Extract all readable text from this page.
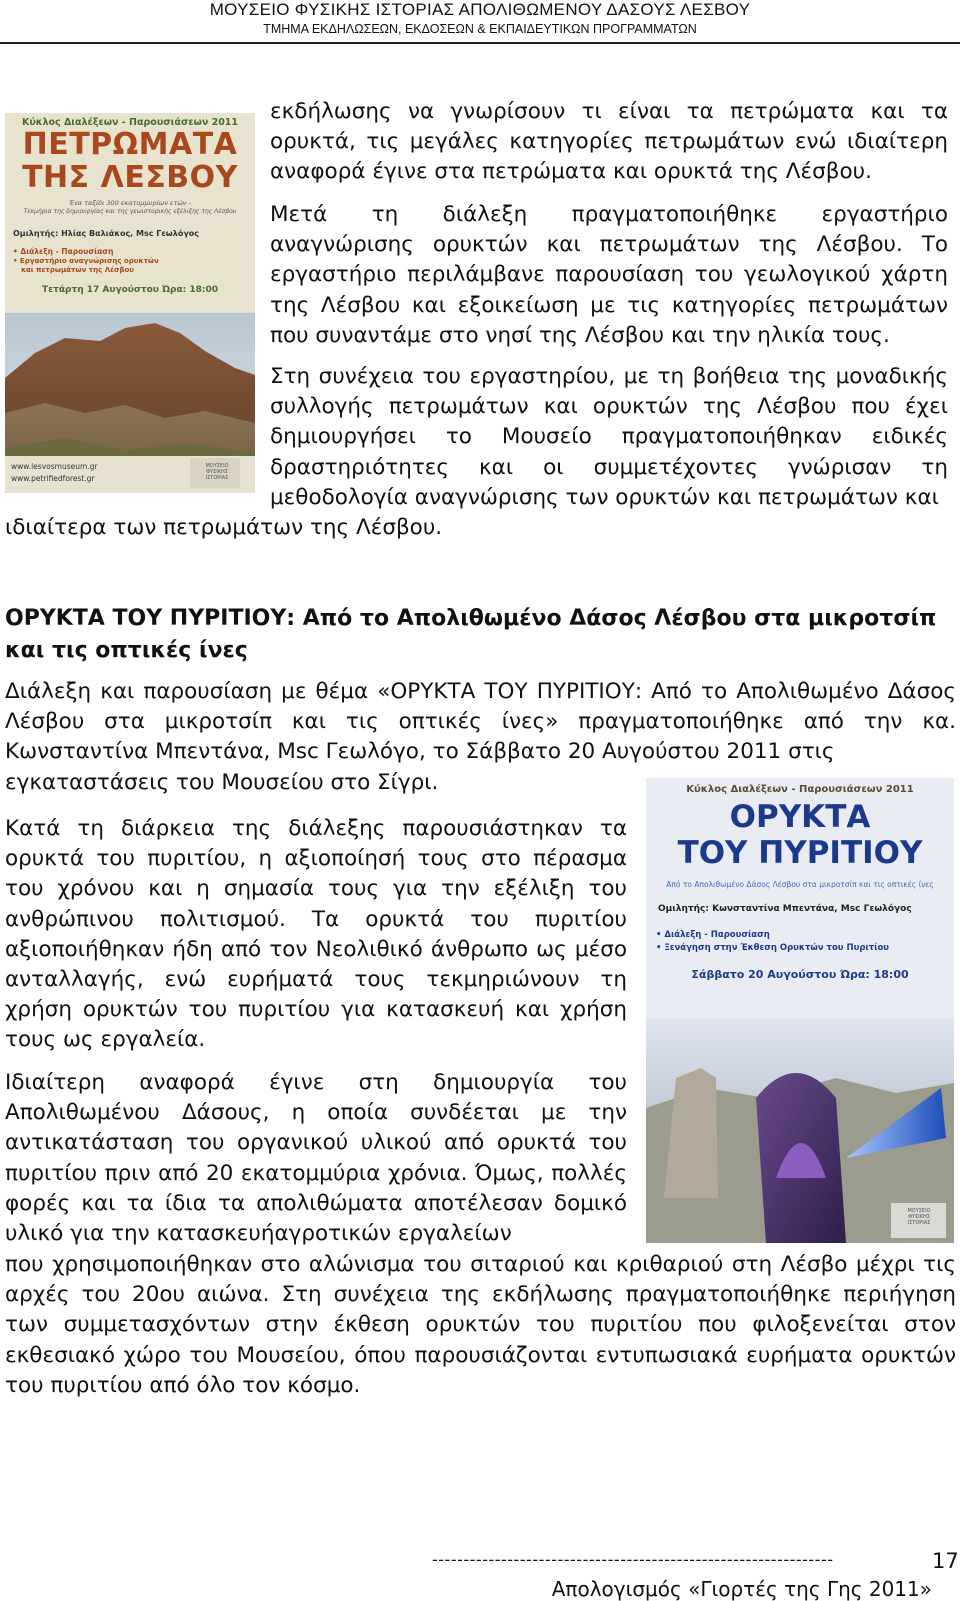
ΜΟΥΣΕΙΟ ΦΥΣΙΚΗΣ ΙΣΤΟΡΙΑΣ ΑΠΟΛΙΘΩΜΕΝΟΥ ΔΑΣΟΥΣ ΛΕΣΒΟΥ
ΤΜΗΜΑ ΕΚΔΗΛΩΣΕΩΝ, ΕΚΔΟΣΕΩΝ & ΕΚΠΑΙΔΕΥΤΙΚΩΝ ΠΡΟΓΡΑΜΜΑΤΩΝ
Κύκλος Διαλέξεων - Παρουσιάσεων 2011
ΠΕΤΡΩΜΑΤΑ
ΤΗΣ ΛΕΣΒΟΥ
Ένα ταξίδι 300 εκατομμυρίων ετών -
Τεκμήρια της δημιουργίας και της γεωιστορικής εξέλιξης της Λέσβου
Ομιλητής: Ηλίας Βαλιάκος, Msc Γεωλόγος
• Διάλεξη - Παρουσίαση
• Εργαστήριο αναγνώρισης ορυκτών
και πετρωμάτων της Λέσβου
Τετάρτη 17 Αυγούστου Ώρα: 18:00
www.lesvosmuseum.gr
www.petrifiedforest.gr
ΜΟΥΣΕΙΟ ΦΥΣΙΚΗΣ ΙΣΤΟΡΙΑΣ

εκδήλωσης να γνωρίσουν τι είναι τα πετρώματα και τα ορυκτά, τις μεγάλες κατηγορίες πετρωμάτων ενώ ιδιαίτερη αναφορά έγινε στα πετρώματα και ορυκτά της Λέσβου.

Μετά τη διάλεξη πραγματοποιήθηκε εργαστήριο αναγνώρισης ορυκτών και πετρωμάτων της Λέσβου. Το εργαστήριο περιλάμβανε παρουσίαση του γεωλογικού χάρτη της Λέσβου και εξοικείωση με τις κατηγορίες πετρωμάτων που συναντάμε στο νησί της Λέσβου και την ηλικία τους.

Στη συνέχεια του εργαστηρίου, με τη βοήθεια της μοναδικής συλλογής πετρωμάτων και ορυκτών της Λέσβου που έχει δημιουργήσει το Μουσείο πραγματοποιήθηκαν ειδικές δραστηριότητες και οι συμμετέχοντες γνώρισαν τη μεθοδολογία αναγνώρισης των ορυκτών και πετρωμάτων και

ιδιαίτερα των πετρωμάτων της Λέσβου.

ΟΡΥΚΤΑ ΤΟΥ ΠΥΡΙΤΙΟΥ: Από το Απολιθωμένο Δάσος Λέσβου στα μικροτσίπ και τις οπτικές ίνες

Διάλεξη και παρουσίαση με θέμα «ΟΡΥΚΤΑ ΤΟΥ ΠΥΡΙΤΙΟΥ: Από το Απολιθωμένο Δάσος Λέσβου στα μικροτσίπ και τις οπτικές ίνες» πραγματοποιήθηκε από την κα. Κωνσταντίνα Μπεντάνα, Msc Γεωλόγο, το Σάββατο 20 Αυγούστου 2011 στις

εγκαταστάσεις του Μουσείου στο Σίγρι.	Κύκλος Διαλέξεων - Παρουσιάσεων 2011
ΟΡΥΚΤΑ
ΤΟΥ ΠΥΡΙΤΙΟΥ
Από το Απολιθωμένο Δάσος Λέσβου στα μικροτσίπ και τις οπτικές ίνες
Ομιλητής: Κωνσταντίνα Μπεντάνα, Msc Γεωλόγος
• Διάλεξη - Παρουσίαση
• Ξενάγηση στην Έκθεση Ορυκτών του Πυριτίου
Σάββατο 20 Αυγούστου Ώρα: 18:00
ΜΟΥΣΕΙΟ ΦΥΣΙΚΗΣ ΙΣΤΟΡΙΑΣ

Κατά τη διάρκεια της διάλεξης παρουσιάστηκαν τα ορυκτά του πυριτίου, η αξιοποίησή τους στο πέρασμα του χρόνου και η σημασία τους για την εξέλιξη του ανθρώπινου πολιτισμού. Τα ορυκτά του πυριτίου αξιοποιήθηκαν ήδη από τον Νεολιθικό άνθρωπο ως μέσο ανταλλαγής, ενώ ευρήματά τους τεκμηριώνουν τη χρήση ορυκτών του πυριτίου για κατασκευή και χρήση τους ως εργαλεία.

Ιδιαίτερη αναφορά έγινε στη δημιουργία του Απολιθωμένου Δάσους, η οποία συνδέεται με την αντικατάσταση του οργανικού υλικού από ορυκτά του πυριτίου πριν από 20 εκατομμύρια χρόνια. Όμως, πολλές φορές και τα ίδια τα απολιθώματα αποτέλεσαν δομικό υλικό για την κατασκευήαγροτικών εργαλείων

που χρησιμοποιήθηκαν στο αλώνισμα του σιταριού και κριθαριού στη Λέσβο μέχρι τις αρχές του 20ου αιώνα. Στη συνέχεια της εκδήλωσης πραγματοποιήθηκε περιήγηση των συμμετασχόντων στην έκθεση ορυκτών του πυριτίου που φιλοξενείται στον εκθεσιακό χώρο του Μουσείου, όπου παρουσιάζονται εντυπωσιακά ευρήματα ορυκτών του πυριτίου από όλο τον κόσμο.

----------------------------------------------------------------	17
Απολογισμός «Γιορτές της Γης 2011»
